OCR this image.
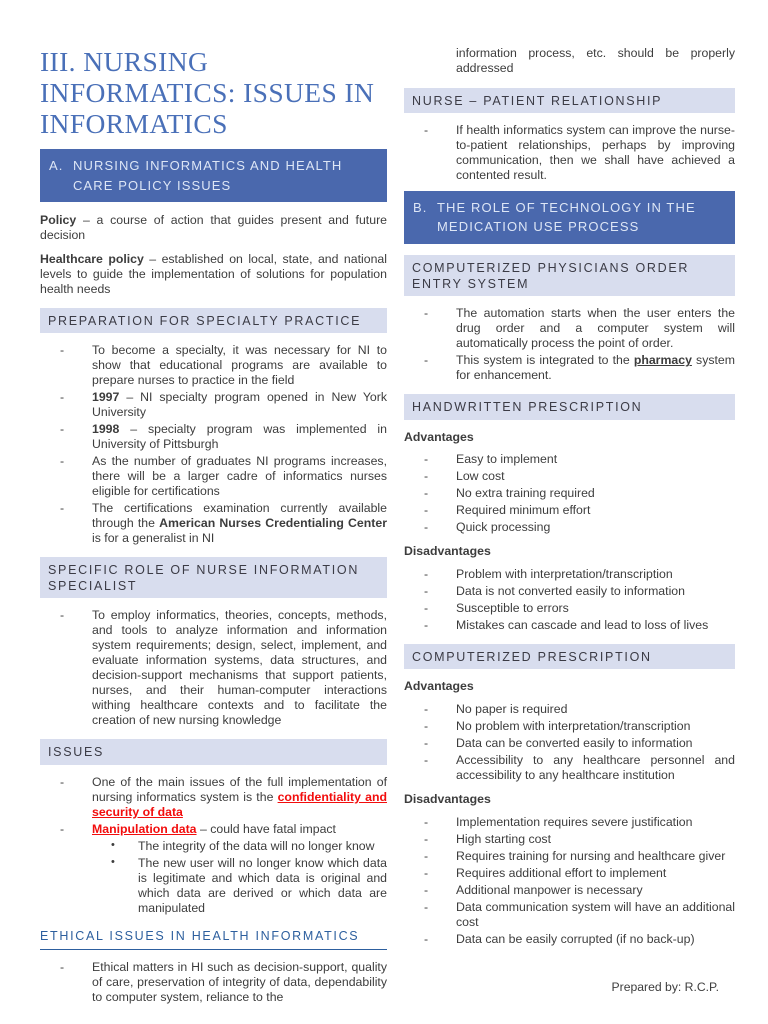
III. NURSING INFORMATICS: ISSUES IN INFORMATICS
A. NURSING INFORMATICS AND HEALTH CARE POLICY ISSUES

Policy – a course of action that guides present and future decision

Healthcare policy – established on local, state, and national levels to guide the implementation of solutions for population health needs

PREPARATION FOR SPECIALTY PRACTICE
-	To become a specialty, it was necessary for NI to show that educational programs are available to prepare nurses to practice in the field
-	1997 – NI specialty program opened in New York University
-	1998 – specialty program was implemented in University of Pittsburgh
-	As the number of graduates NI programs increases, there will be a larger cadre of informatics nurses eligible for certifications
-	The certifications examination currently available through the American Nurses Credentialing Center is for a generalist in NI
SPECIFIC ROLE OF NURSE INFORMATION SPECIALIST
-	To employ informatics, theories, concepts, methods, and tools to analyze information and information system requirements; design, select, implement, and evaluate information systems, data structures, and decision-support mechanisms that support patients, nurses, and their human-computer interactions withing healthcare contexts and to facilitate the creation of new nursing knowledge
ISSUES
-	One of the main issues of the full implementation of nursing informatics system is the confidentiality and security of data
-	Manipulation data – could have fatal impact
•	The integrity of the data will no longer know
•	The new user will no longer know which data is legitimate and which data is original and which data are derived or which data are manipulated
ETHICAL ISSUES IN HEALTH INFORMATICS
-	Ethical matters in HI such as decision-support, quality of care, preservation of integrity of data, dependability to computer system, reliance to the

information process, etc. should be properly addressed

NURSE – PATIENT RELATIONSHIP
-	If health informatics system can improve the nurse-to-patient relationships, perhaps by improving communication, then we shall have achieved a contented result.
B. THE ROLE OF TECHNOLOGY IN THE MEDICATION USE PROCESS
COMPUTERIZED PHYSICIANS ORDER ENTRY SYSTEM
-	The automation starts when the user enters the drug order and a computer system will automatically process the point of order.
-	This system is integrated to the pharmacy system for enhancement.
HANDWRITTEN PRESCRIPTION

Advantages

-	Easy to implement
-	Low cost
-	No extra training required
-	Required minimum effort
-	Quick processing

Disadvantages

-	Problem with interpretation/transcription
-	Data is not converted easily to information
-	Susceptible to errors
-	Mistakes can cascade and lead to loss of lives
COMPUTERIZED PRESCRIPTION

Advantages

-	No paper is required
-	No problem with interpretation/transcription
-	Data can be converted easily to information
-	Accessibility to any healthcare personnel and accessibility to any healthcare institution

Disadvantages

-	Implementation requires severe justification
-	High starting cost
-	Requires training for nursing and healthcare giver
-	Requires additional effort to implement
-	Additional manpower is necessary
-	Data communication system will have an additional cost
-	Data can be easily corrupted (if no back-up)
Prepared by: R.C.P.
